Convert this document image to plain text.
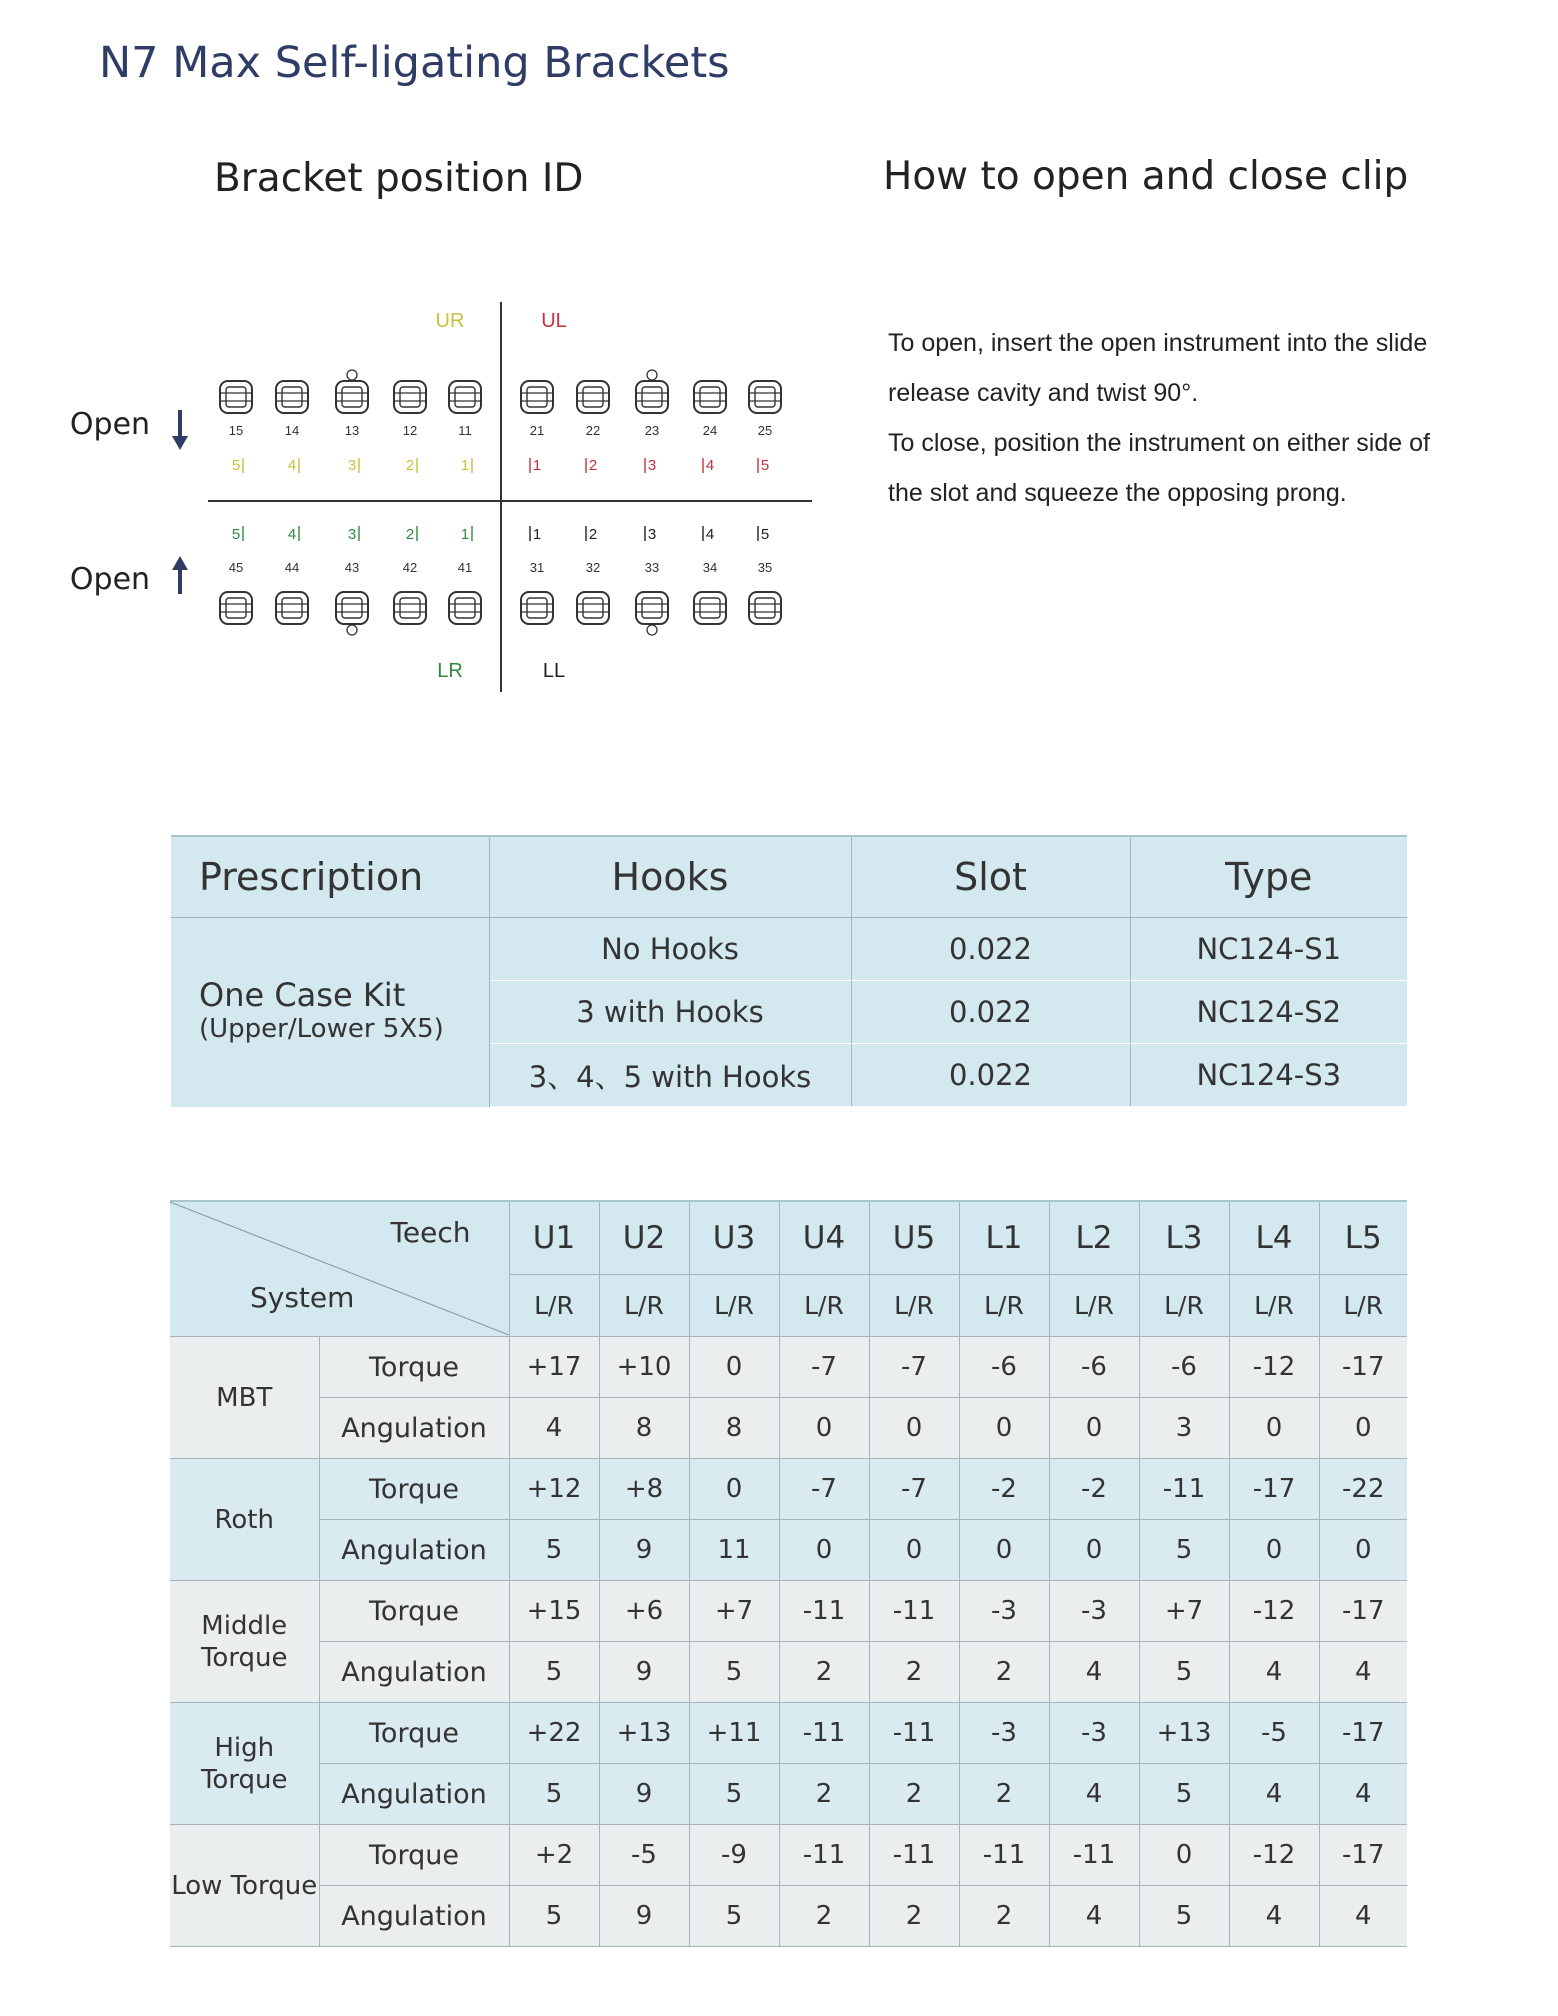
N7 Max Self-ligating Brackets
Bracket position ID	How to open and close clip

To open, insert the open instrument into the slide release cavity and twist 90°.

To close, position the instrument on either side of the slot and squeeze the opposing prong.

UR	UL
LR	LL
Open
Open
15
5
14
4
13
3
12
2
11
1
21
1
22
2
23
3
24
4
25
5
5
45
4
44
3
43
2
42
1
41
1
31
2
32
3
33
4
34
5
35
Prescription	Hooks	Slot	Type
One Case Kit
(Upper/Lower 5X5)	No Hooks	0.022	NC124-S1
	3 with Hooks	0.022	NC124-S2
	3、4、5 with Hooks	0.022	NC124-S3
Teech
System		U1	U2	U3	U4	U5	L1	L2	L3	L4	L5
		L/R	L/R	L/R	L/R	L/R	L/R	L/R	L/R	L/R	L/R
MBT	Torque	+17	+10	0	-7	-7	-6	-6	-6	-12	-17
	Angulation	4	8	8	0	0	0	0	3	0	0
Roth	Torque	+12	+8	0	-7	-7	-2	-2	-11	-17	-22
	Angulation	5	9	11	0	0	0	0	5	0	0
Middle Torque	Torque	+15	+6	+7	-11	-11	-3	-3	+7	-12	-17
	Angulation	5	9	5	2	2	2	4	5	4	4
High Torque	Torque	+22	+13	+11	-11	-11	-3	-3	+13	-5	-17
	Angulation	5	9	5	2	2	2	4	5	4	4
Low Torque	Torque	+2	-5	-9	-11	-11	-11	-11	0	-12	-17
	Angulation	5	9	5	2	2	2	4	5	4	4
